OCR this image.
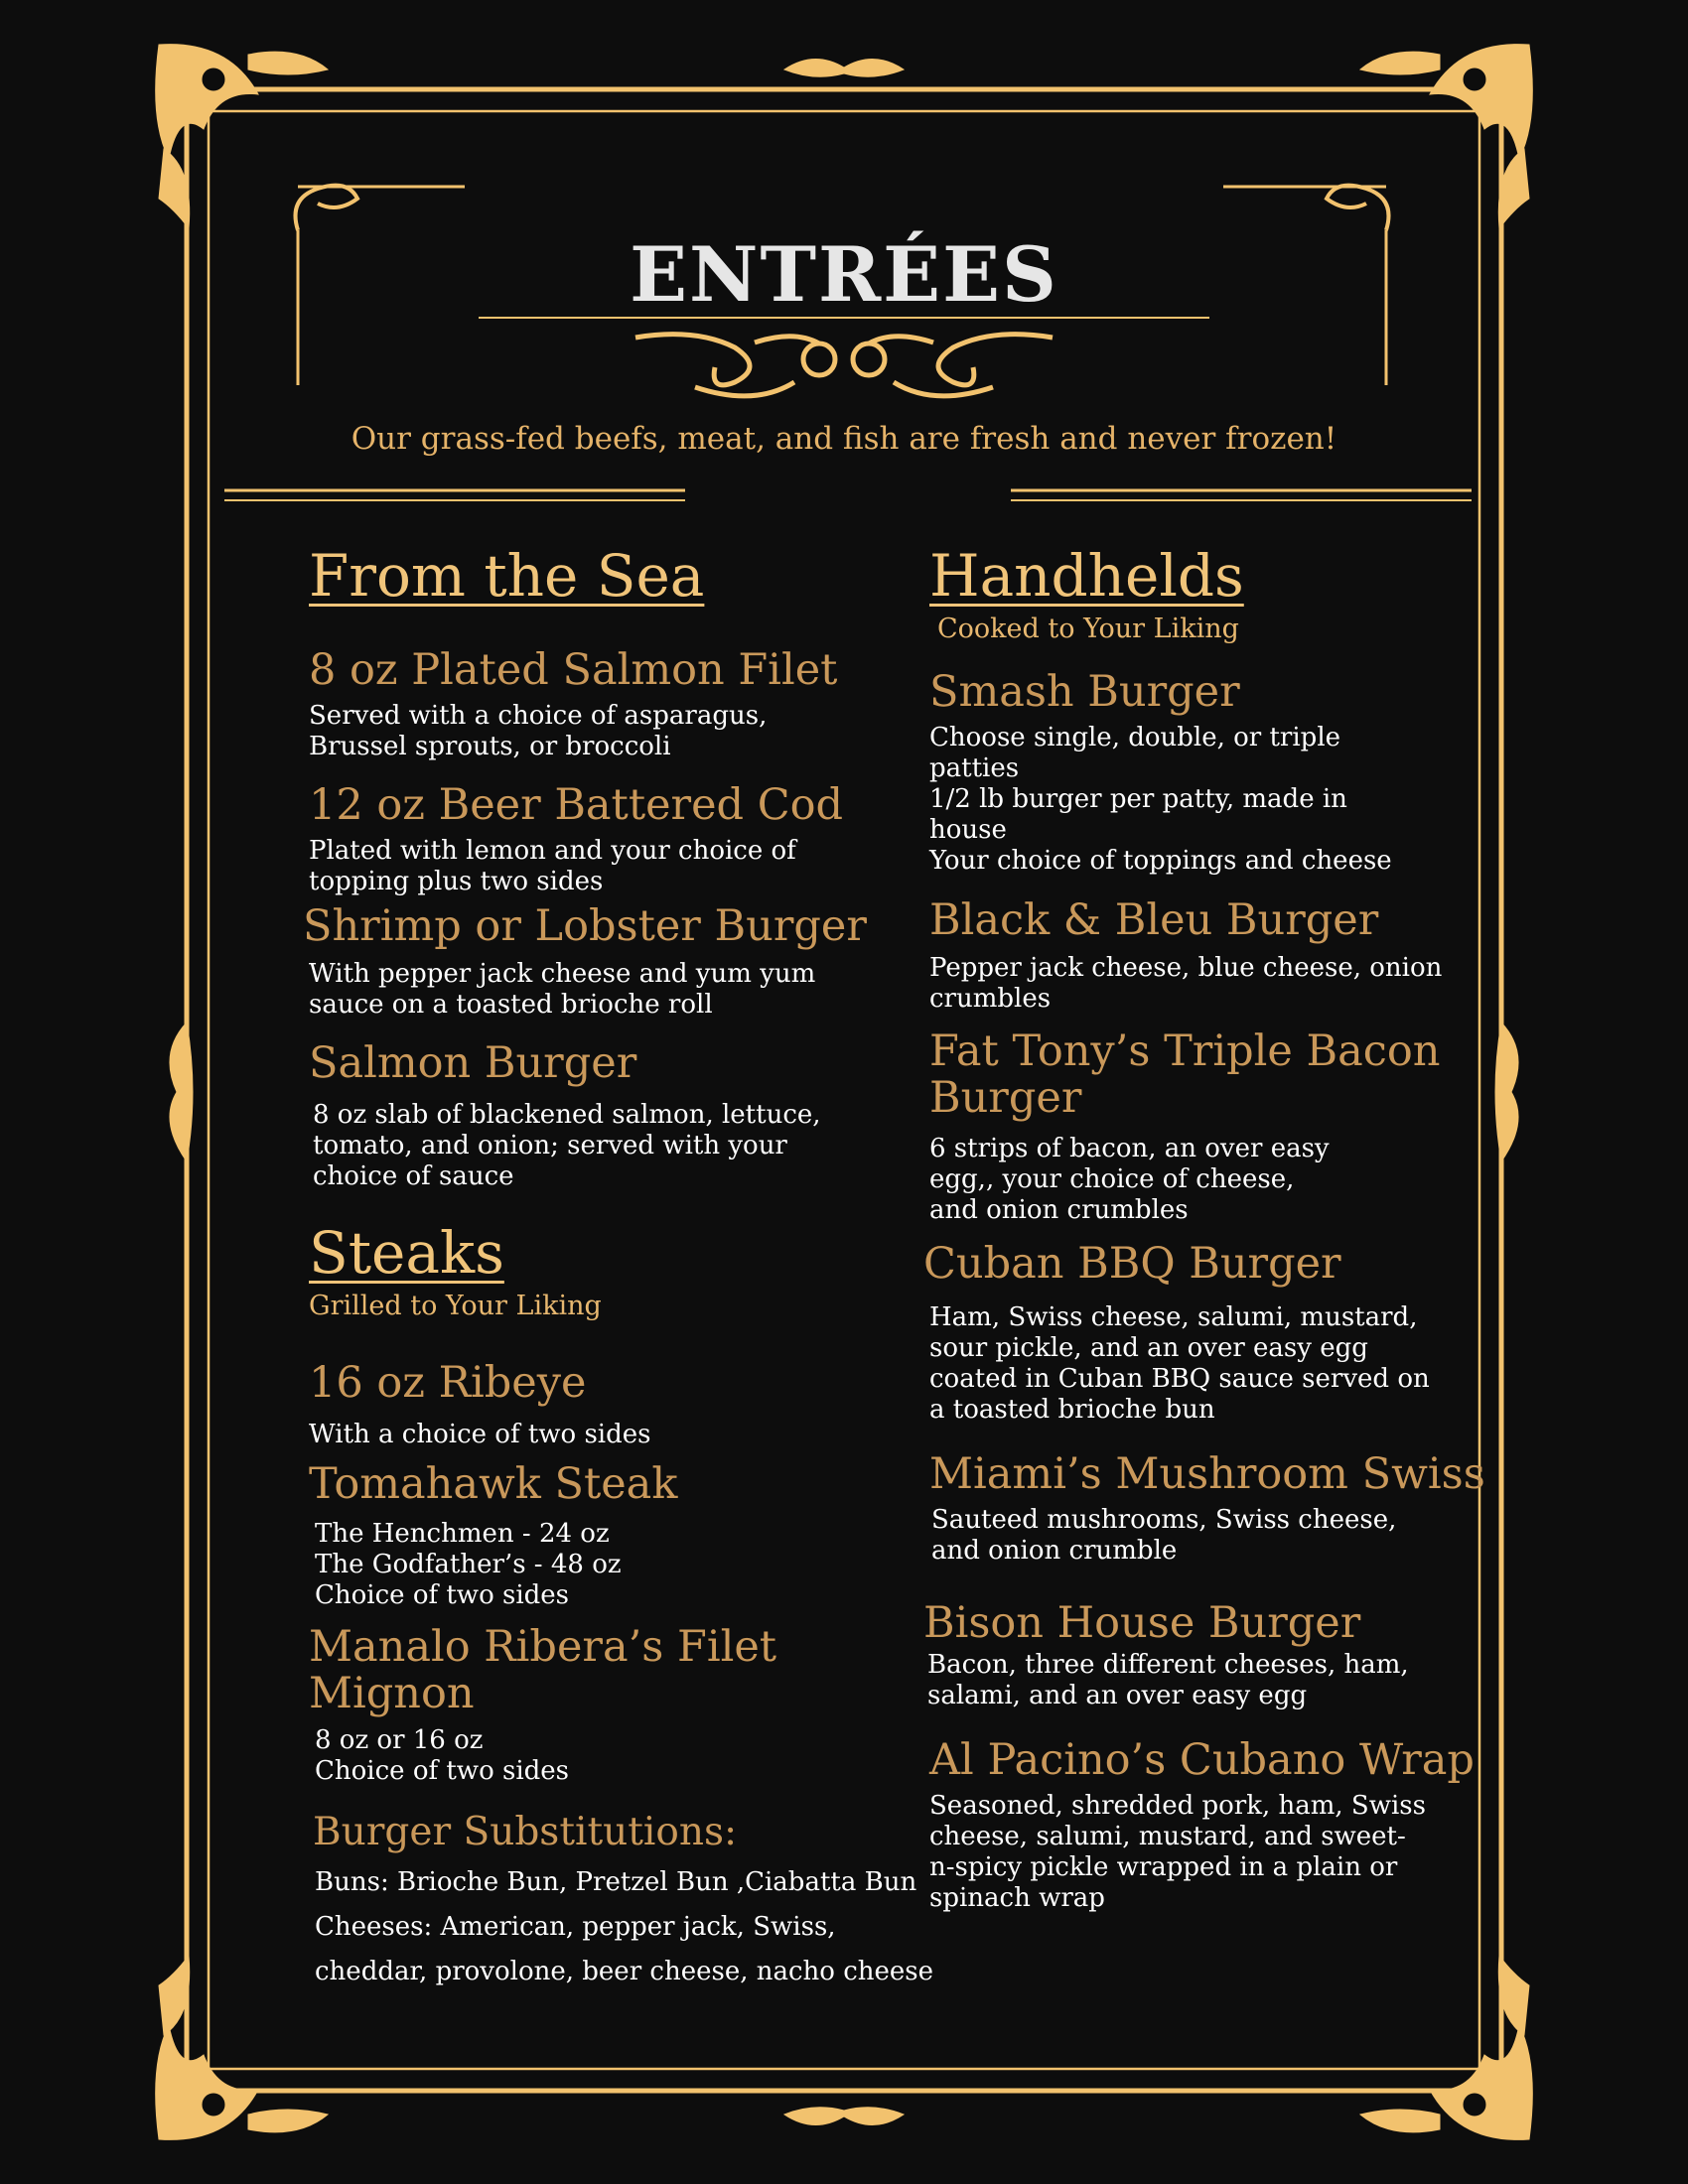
ENTRÉES
Our grass-fed beefs, meat, and fish are fresh and never frozen!
From the Sea
8 oz Plated Salmon Filet
Served with a choice of asparagus,
Brussel sprouts, or broccoli
12 oz Beer Battered Cod
Plated with lemon and your choice of
topping plus two sides
Shrimp or Lobster Burger
With pepper jack cheese and yum yum
sauce on a toasted brioche roll
Salmon Burger
8 oz slab of blackened salmon, lettuce,
tomato, and onion; served with your
choice of sauce
Steaks
Grilled to Your Liking
16 oz Ribeye
With a choice of two sides
Tomahawk Steak
The Henchmen - 24 oz
The Godfather’s - 48 oz
Choice of two sides
Manalo Ribera’s Filet
Mignon
8 oz or 16 oz
Choice of two sides
Burger Substitutions:
Buns: Brioche Bun, Pretzel Bun ,Ciabatta Bun
Cheeses: American, pepper jack, Swiss,
cheddar, provolone, beer cheese, nacho cheese
Handhelds
Cooked to Your Liking
Smash Burger
Choose single, double, or triple
patties
1/2 lb burger per patty, made in
house
Your choice of toppings and cheese
Black & Bleu Burger
Pepper jack cheese, blue cheese, onion
crumbles
Fat Tony’s Triple Bacon
Burger
6 strips of bacon, an over easy
egg,, your choice of cheese,
and onion crumbles
Cuban BBQ Burger
Ham, Swiss cheese, salumi, mustard,
sour pickle, and an over easy egg
coated in Cuban BBQ sauce served on
a toasted brioche bun
Miami’s Mushroom Swiss
Sauteed mushrooms, Swiss cheese,
and onion crumble
Bison House Burger
Bacon, three different cheeses, ham,
salami, and an over easy egg
Al Pacino’s Cubano Wrap
Seasoned, shredded pork, ham, Swiss
cheese, salumi, mustard, and sweet-
n-spicy pickle wrapped in a plain or
spinach wrap
